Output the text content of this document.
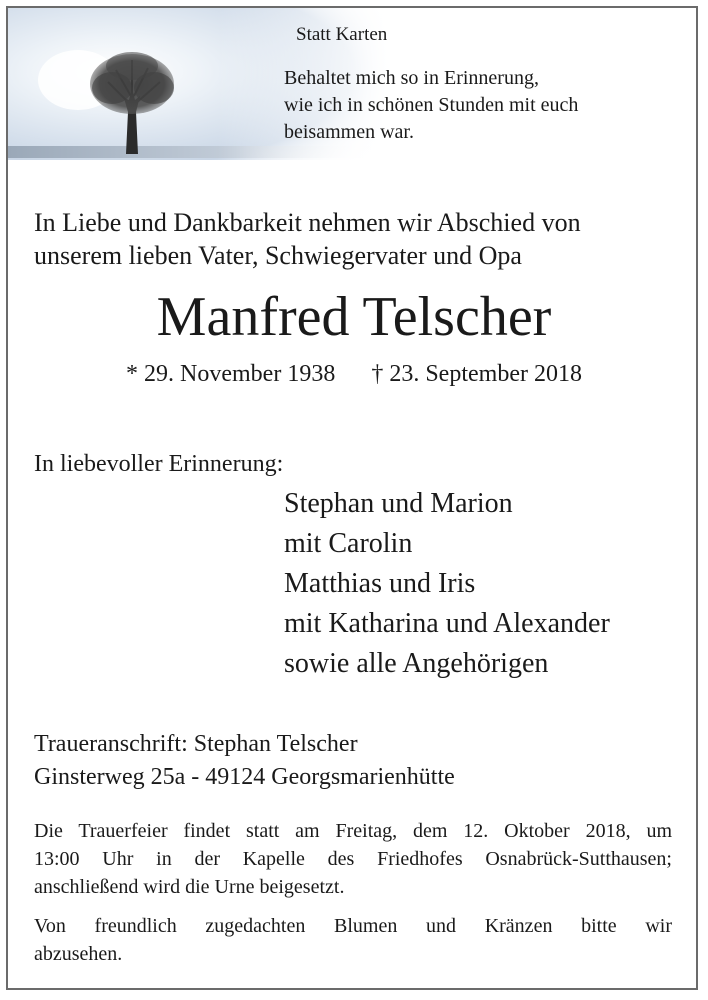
Statt Karten
Behaltet mich so in Erinnerung,
wie ich in schönen Stunden mit euch
beisammen war.
In Liebe und Dankbarkeit nehmen wir Abschied von
unserem lieben Vater, Schwiegervater und Opa
Manfred Telscher
* 29. November 1938 † 23. September 2018
In liebevoller Erinnerung:
Stephan und Marion
mit Carolin
Matthias und Iris
mit Katharina und Alexander
sowie alle Angehörigen
Traueranschrift: Stephan Telscher
Ginsterweg 25a - 49124 Georgsmarienhütte
Die Trauerfeier findet statt am Freitag, dem 12. Oktober 2018, um
13:00 Uhr in der Kapelle des Friedhofes Osnabrück-Sutthausen;
anschließend wird die Urne beigesetzt.
Von freundlich zugedachten Blumen und Kränzen bitte wir
abzusehen.
